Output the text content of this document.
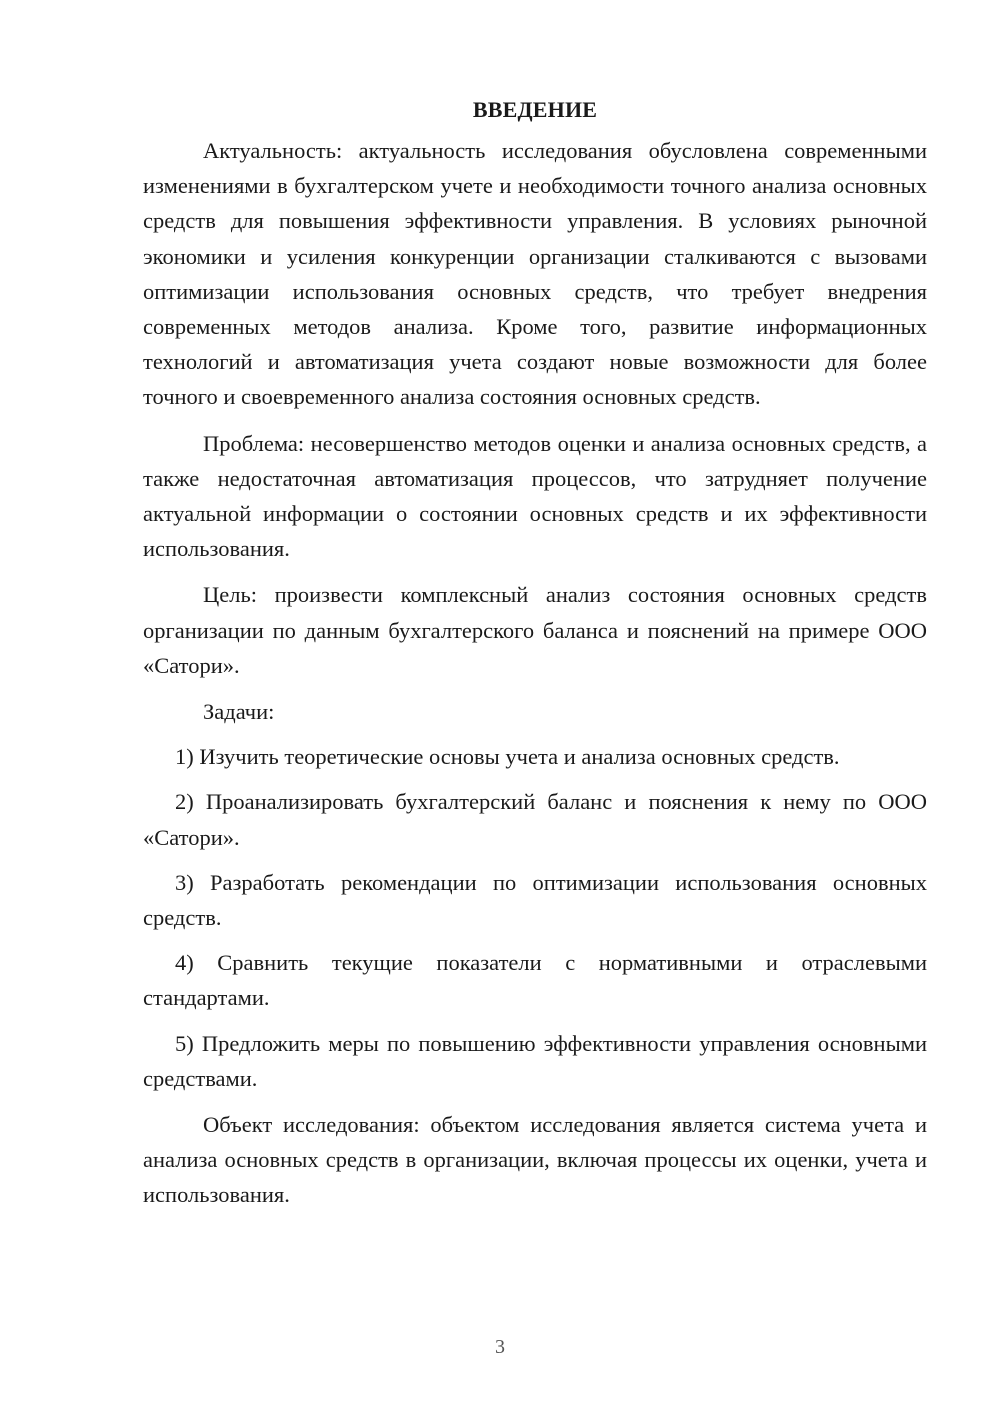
ВВЕДЕНИЕ

Актуальность: актуальность исследования обусловлена современными изменениями в бухгалтерском учете и необходимости точного анализа основных средств для повышения эффективности управления. В условиях рыночной экономики и усиления конкуренции организации сталкиваются с вызовами оптимизации использования основных средств, что требует внедрения современных методов анализа. Кроме того, развитие информационных технологий и автоматизация учета создают новые возможности для более точного и своевременного анализа состояния основных средств.

Проблема: несовершенство методов оценки и анализа основных средств, а также недостаточная автоматизация процессов, что затрудняет получение актуальной информации о состоянии основных средств и их эффективности использования.

Цель: произвести комплексный анализ состояния основных средств организации по данным бухгалтерского баланса и пояснений на примере ООО «Сатори».

Задачи:

1) Изучить теоретические основы учета и анализа основных средств.

2) Проанализировать бухгалтерский баланс и пояснения к нему по ООО «Сатори».

3) Разработать рекомендации по оптимизации использования основных средств.

4) Сравнить текущие показатели с нормативными и отраслевыми стандартами.

5) Предложить меры по повышению эффективности управления основными средствами.

Объект исследования: объектом исследования является система учета и анализа основных средств в организации, включая процессы их оценки, учета и использования.

3
